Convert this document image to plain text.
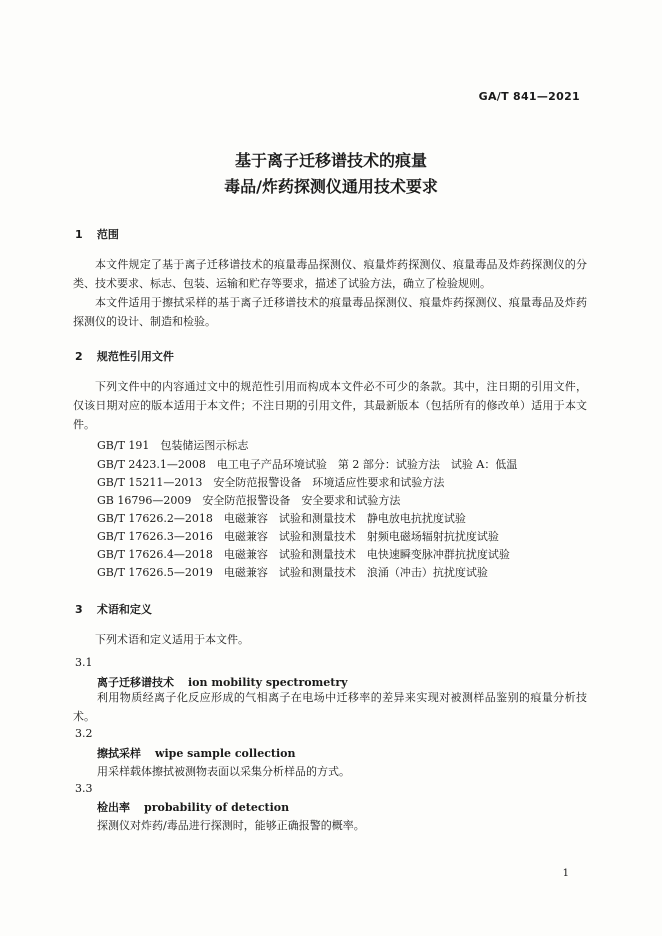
GA/T 841—2021
基于离子迁移谱技术的痕量
毒品/炸药探测仪通用技术要求
1 范围
本文件规定了基于离子迁移谱技术的痕量毒品探测仪、痕量炸药探测仪、痕量毒品及炸药探测仪的分类、技术要求、标志、包装、运输和贮存等要求，描述了试验方法，确立了检验规则。
本文件适用于擦拭采样的基于离子迁移谱技术的痕量毒品探测仪、痕量炸药探测仪、痕量毒品及炸药探测仪的设计、制造和检验。
2 规范性引用文件
下列文件中的内容通过文中的规范性引用而构成本文件必不可少的条款。其中，注日期的引用文件，仅该日期对应的版本适用于本文件；不注日期的引用文件，其最新版本（包括所有的修改单）适用于本文件。
GB/T 191　包装储运图示标志
GB/T 2423.1—2008　电工电子产品环境试验　第 2 部分：试验方法　试验 A：低温
GB/T 15211—2013　安全防范报警设备　环境适应性要求和试验方法
GB 16796—2009　安全防范报警设备　安全要求和试验方法
GB/T 17626.2—2018　电磁兼容　试验和测量技术　静电放电抗扰度试验
GB/T 17626.3—2016　电磁兼容　试验和测量技术　射频电磁场辐射抗扰度试验
GB/T 17626.4—2018　电磁兼容　试验和测量技术　电快速瞬变脉冲群抗扰度试验
GB/T 17626.5—2019　电磁兼容　试验和测量技术　浪涌（冲击）抗扰度试验
3 术语和定义
下列术语和定义适用于本文件。
3.1
离子迁移谱技术 ion mobility spectrometry
利用物质经离子化反应形成的气相离子在电场中迁移率的差异来实现对被测样品鉴别的痕量分析技术。
3.2
擦拭采样 wipe sample collection
用采样载体擦拭被测物表面以采集分析样品的方式。
3.3
检出率 probability of detection
探测仪对炸药/毒品进行探测时，能够正确报警的概率。
1
